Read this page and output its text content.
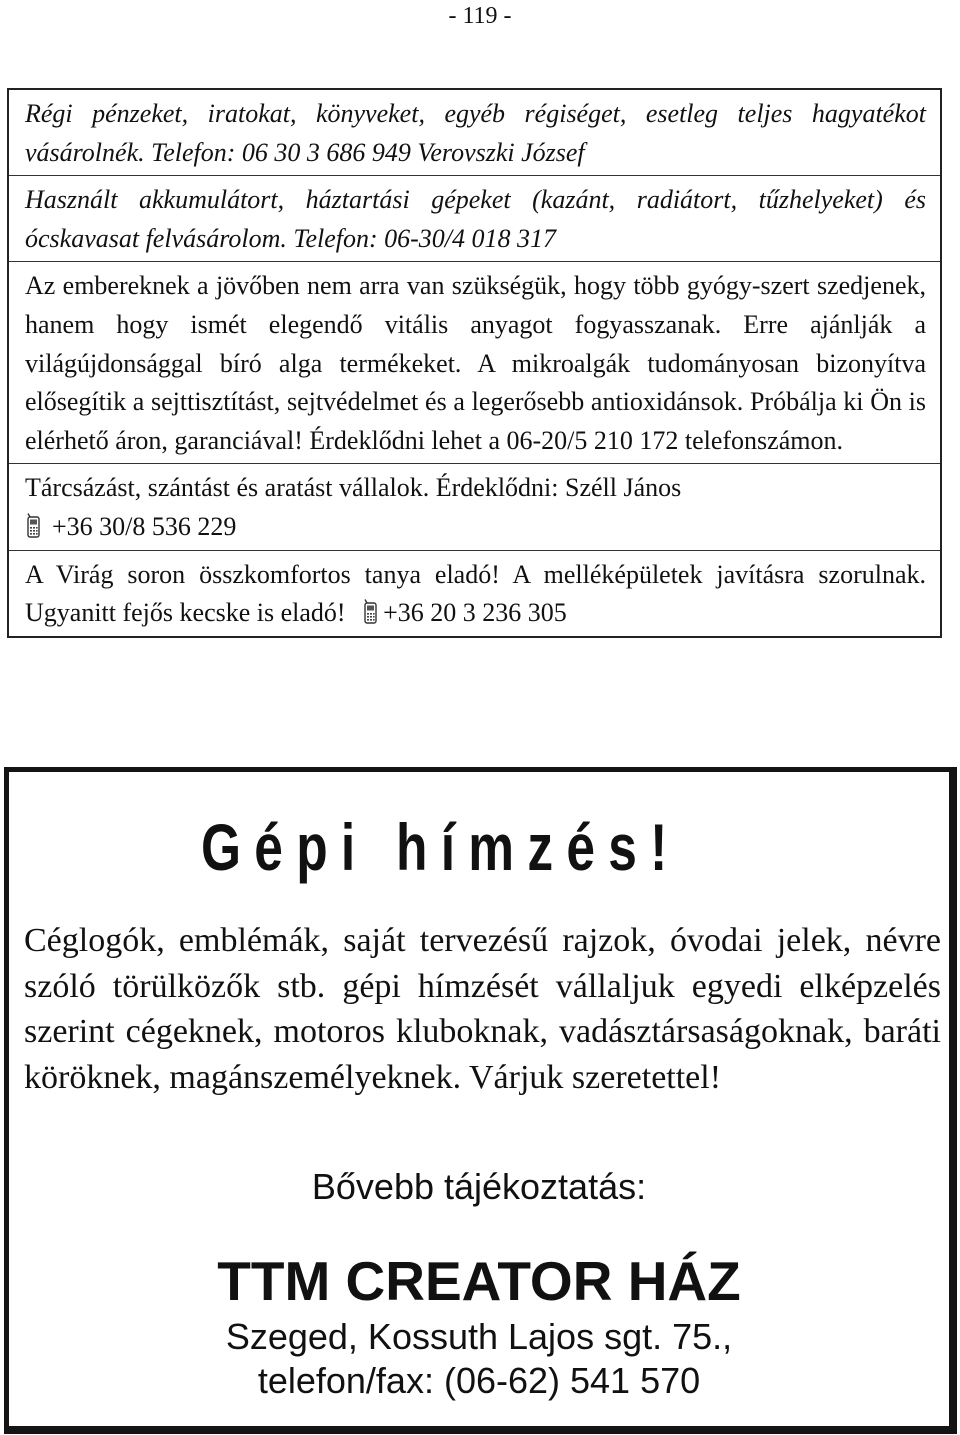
- 119 -
Régi pénzeket, iratokat, könyveket, egyéb régiséget, esetleg teljes hagyatékot vásárolnék. Telefon: 06 30 3 686 949 Verovszki József
Használt akkumulátort, háztartási gépeket (kazánt, radiátort, tűzhelyeket) és ócskavasat felvásárolom. Telefon: 06-30/4 018 317
Az embereknek a jövőben nem arra van szükségük, hogy több gyógy-szert szedjenek, hanem hogy ismét elegendő vitális anyagot fogyasszanak. Erre ajánlják a világújdonsággal bíró alga termékeket. A mikroalgák tudományosan bizonyítva elősegítik a sejttisztítást, sejtvédelmet és a legerősebb antioxidánsok. Próbálja ki Ön is elérhető áron, garanciával! Érdeklődni lehet a 06-20/5 210 172 telefonszámon.
Tárcsázást, szántást és aratást vállalok. Érdeklődni: Széll János
+36 30/8 536 229
A Virág soron összkomfortos tanya eladó! A melléképületek javításra szorulnak. Ugyanitt fejős kecske is eladó! +36 20 3 236 305
Gépi hímzés!
Céglogók, emblémák, saját tervezésű rajzok, óvodai jelek, névre szóló törülközők stb. gépi hímzését vállaljuk egyedi elképzelés szerint cégeknek, motoros kluboknak, vadásztársaságoknak, baráti köröknek, magánszemélyeknek. Várjuk szeretettel!
Bővebb tájékoztatás:
TTM CREATOR HÁZ
Szeged, Kossuth Lajos sgt. 75.,
telefon/fax: (06-62) 541 570
